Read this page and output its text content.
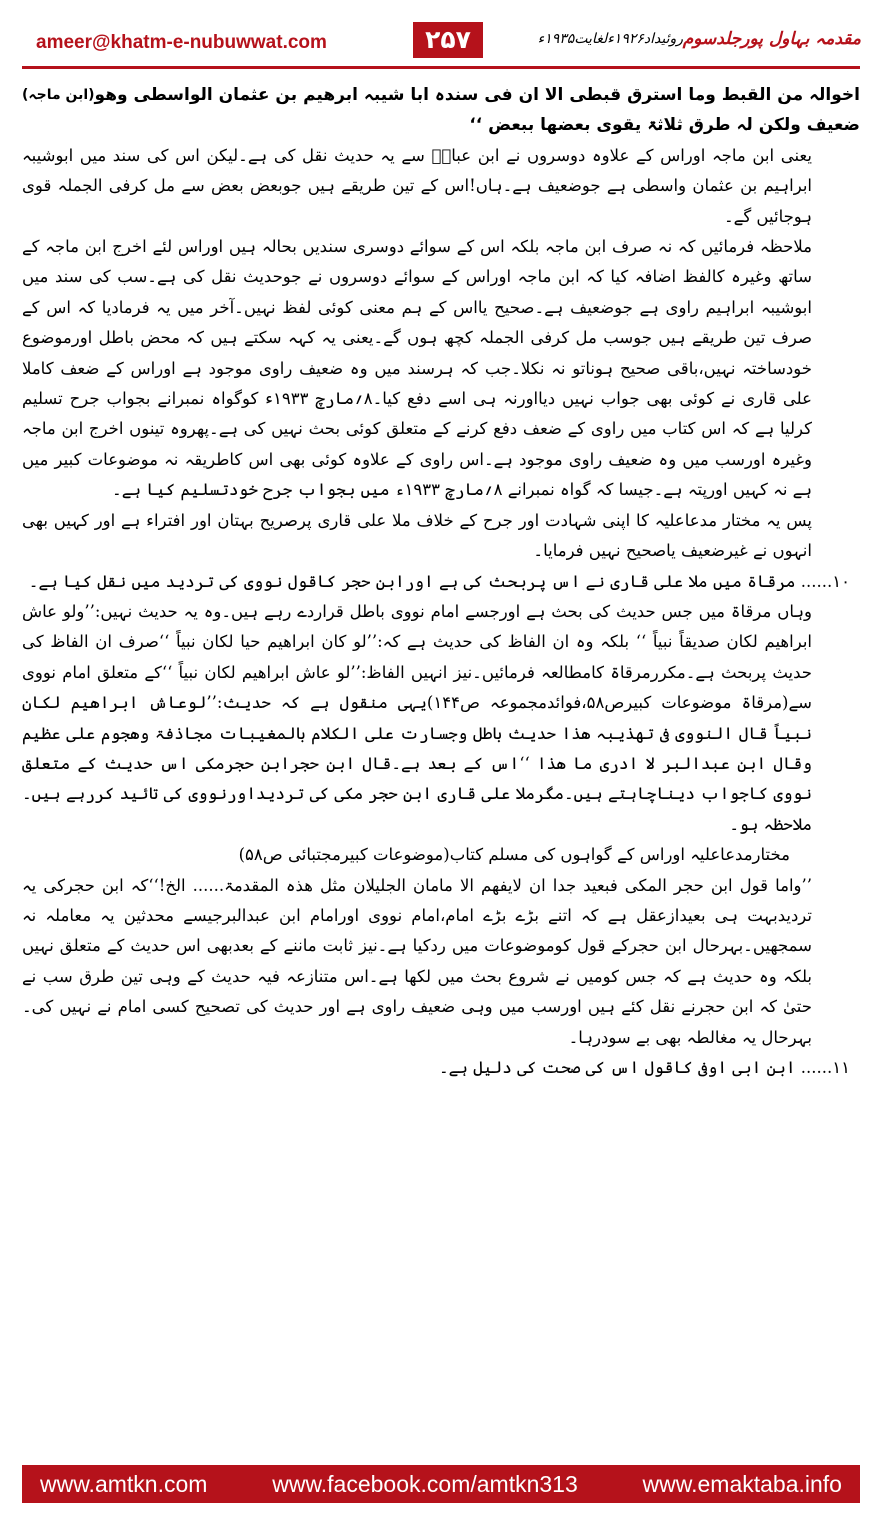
ameer@khatm-e-nubuwwat.com	۲۵۷	روئیداد۱۹۲۶ءلغایت۱۹۳۵ء مقدمہ بہاول پورجلدسوم

(ابن ماجہ) اخوالہ من القبط وما استرق قبطی الا ان فی سندہ ابا شیبہ ابرھیم بن عثمان الواسطی وھو ضعیف ولکن لہ طرق ثلاثۃ یقوی بعضھا ببعض ‘‘

یعنی ابن ماجہ اوراس کے علاوہ دوسروں نے ابن عباسؓ سے یہ حدیث نقل کی ہے۔لیکن اس کی سند میں ابوشیبہ ابراہیم بن عثمان واسطی ہے جوضعیف ہے۔ہاں!اس کے تین طریقے ہیں جوبعض بعض سے مل کرفی الجملہ قوی ہوجائیں گے۔

ملاحظہ فرمائیں کہ نہ صرف ابن ماجہ بلکہ اس کے سوائے دوسری سندیں بحالہ ہیں اوراس لئے اخرج ابن ماجہ کے ساتھ وغیرہ کالفظ اضافہ کیا کہ ابن ماجہ اوراس کے سوائے دوسروں نے جوحدیث نقل کی ہے۔سب کی سند میں ابوشیبہ ابراہیم راوی ہے جوضعیف ہے۔صحیح یااس کے ہم معنی کوئی لفظ نہیں۔آخر میں یہ فرمادیا کہ اس کے صرف تین طریقے ہیں جوسب مل کرفی الجملہ کچھ ہوں گے۔یعنی یہ کہہ سکتے ہیں کہ محض باطل اورموضوع خودساختہ نہیں،باقی صحیح ہوناتو نہ نکلا۔جب کہ ہرسند میں وہ ضعیف راوی موجود ہے اوراس کے ضعف کاملا علی قاری نے کوئی بھی جواب نہیں دیااورنہ ہی اسے دفع کیا۔۸؍مارچ ۱۹۳۳ء کوگواہ نمبرانے بجواب جرح تسلیم کرلیا ہے کہ اس کتاب میں راوی کے ضعف دفع کرنے کے متعلق کوئی بحث نہیں کی ہے۔پھروہ تینوں اخرج ابن ماجہ وغیرہ اورسب میں وہ ضعیف راوی موجود ہے۔اس راوی کے علاوہ کوئی بھی اس کاطریقہ نہ موضوعات کبیر میں ہے نہ کہیں اورپتہ ہے۔جیسا کہ گواہ نمبرانے ۸؍مارچ ۱۹۳۳ء میں بجواب جرح خودتسلیم کیا ہے۔

پس یہ مختار مدعاعلیہ کا اپنی شہادت اور جرح کے خلاف ملا علی قاری پرصریح بہتان اور افتراء ہے اور کہیں بھی انہوں نے غیرضعیف یاصحیح نہیں فرمایا۔

۱۰...... مرقاۃ میں ملا علی قاری نے اس پربحث کی ہے اورابن حجر کاقول نووی کی تردید میں نقل کیا ہے۔

وہاں مرقاۃ میں جس حدیث کی بحث ہے اورجسے امام نووی باطل قراردے رہے ہیں۔وہ یہ حدیث نہیں:’’ولو عاش ابراھیم لکان صدیقاً نبیاً ‘‘ بلکہ وہ ان الفاظ کی حدیث ہے کہ:’’لو کان ابراھیم حیا لکان نبیاً ‘‘صرف ان الفاظ کی حدیث پربحث ہے۔مکررمرقاۃ کامطالعہ فرمائیں۔نیز انہیں الفاظ:’’لو عاش ابراھیم لکان نبیاً ‘‘کے متعلق امام نووی سے(مرقاۃ موضوعات کبیرص۵۸،فوائدمجموعہ ص۱۴۴)یہی منقول ہے کہ حدیث:’’لوعاش ابراھیم لکان نبیاً قال النووی فی تھذیبہ ھذا حدیث باطل وجسارت علی الکلام بالمغیبات مجاذفۃ وھجوم علی عظیم وقال ابن عبدالبر لا ادری ما ھذا ‘‘اس کے بعد ہے۔قال ابن حجرابن حجرمکی اس حدیث کے متعلق نووی کاجواب دیناچاہتے ہیں۔مگرملا علی قاری ابن حجر مکی کی تردیداورنووی کی تائید کررہے ہیں۔ملاحظہ ہو۔

مختارمدعاعلیہ اوراس کے گواہوں کی مسلم کتاب(موضوعات کبیرمجتبائی ص۵۸)

’’واما قول ابن حجر المکی فبعید جدا ان لایفھم الا مامان الجلیلان مثل ھذہ المقدمۃ...... الخ!‘‘کہ ابن حجرکی یہ تردیدبہت ہی بعیدازعقل ہے کہ اتنے بڑے بڑے امام،امام نووی اورامام ابن عبدالبرجیسے محدثین یہ معاملہ نہ سمجھیں۔بہرحال ابن حجرکے قول کوموضوعات میں ردکیا ہے۔نیز ثابت ماننے کے بعدبھی اس حدیث کے متعلق نہیں بلکہ وہ حدیث ہے کہ جس کومیں نے شروع بحث میں لکھا ہے۔اس متنازعہ فیہ حدیث کے وہی تین طرق سب نے حتیٰ کہ ابن حجرنے نقل کئے ہیں اورسب میں وہی ضعیف راوی ہے اور حدیث کی تصحیح کسی امام نے نہیں کی۔بہرحال یہ مغالطہ بھی بے سودرہا۔

۱۱...... ابن ابی اوفی کاقول اس کی صحت کی دلیل ہے۔

www.amtkn.com	www.facebook.com/amtkn313	www.emaktaba.info
